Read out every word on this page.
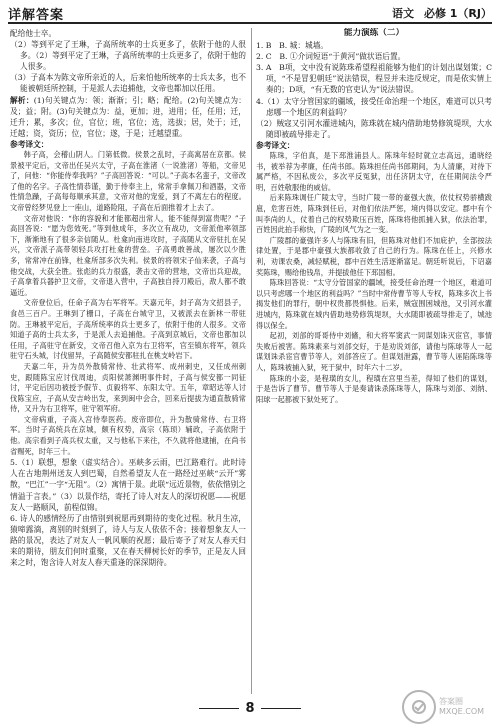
详解答案	语文 必修 1（RJ）

配给他士卒。

（2）等到平定了王琳，子高所统率的士兵更多了，依附于他的人很多。（2）等到平定了王琳，子高所统率的士兵更多了，依附于他的人很多。

（3）子高本为陈文帝所亲近的人，后来怕他所统率的士兵太多，也不能被朝廷所控制，于是派人去追捕他，文帝也都加以任用。

解析：(1)句关键点为：领；渐渐；引；略；配给。(2)句关键点为：及；益；附。(3)句关键点为：益，更加；进，进用；任，任用；迁，迁升；累，多次；位，官位；班，官位；选，选拔；居，处于；迁，迁越；资，资历；位，官位；遂，于是；迁越望重。

参考译文：

韩子高，会稽山阴人。门第低微。侯景之乱时，子高寓居在京都。侯景被平定后，文帝出任吴兴太守，子高在淮渚（一说淮渚）等船，文帝见了，问他：“你能侍奉我吗？”子高回答说：“可以。”子高本名蛮子，文帝改了他的名字。子高性情恭谨，勤于侍奉主上，常常手拿佩刀和酒器，文帝性情急躁，子高每每顺承其意，文帝对他的宠爱，到了不离左右的程度。文帝曾经梦见登上一座山，道路险阻，子高在后面推着才上去了。

文帝对他说：“你的容貌和才能都超出常人，能不能得到富贵呢？”子高回答说：“愿为您效死。”等到他成年，多次立有战功，文帝派他率领部下，渐渐地有了很多亲信随从。杜龛向南进攻时，子高随从文帝驻扎在吴兴，文帝派子高带领轻兵攻打杜龛的营垒。子高勇敢善战，屡次以少胜多，常常冲在前锋，杜龛所部多次失利。侯景的将领宋子仙来袭，子高与他交战，大获全胜。张彪的兵力很盛，袭击文帝的营地，文帝出兵迎战，子高拿着兵器护卫文帝，文帝退入营中，子高独自持刀殿后，敌人都不敢逼近。

文帝登位后，任命子高为右军将军。天嘉元年，封子高为文招县子，食邑三百户。王琳到了栅口，子高在台城守卫，又被派去在新林一带驻防。王琳被平定后，子高所统率的兵士更多了，依附于他的人很多。文帝知道子高的士兵太多，于是派人去追捕他。子高到京城后，文帝也都加以任用，子高驻守在新安，文帝召他入京为右卫将军，官至镇东将军，领兵驻守石头城，讨伐留异，子高随侯安都驻扎在桃支岭岩下。

天嘉二年，升为员外散骑常侍、壮武将军、成州刺史，又任成州刺史，跟随陈宝应讨伐周迪，贞阳侯萧渊明事件时，子高与侯安都一同征讨，平定后因功被授予假节、贞毅将军、东阳太守。五年，章昭达等人讨伐陈宝应，子高从安吉岭出发，来到闽中会合，回来后提拔为通直散骑常侍，又升为右卫将军，驻守领军府。

文帝病重，子高入宫侍奉医药。废帝即位，升为散骑常侍、右卫将军。当时子高统兵在京城，颇有权势，高宗（陈顼）辅政，子高依附于他。高宗看到子高兵权太重，又与他私下来往，不久就将他逮捕，在尚书省赐死，时年三十。

5.（1）联想，想象（虚实结合）。巫峡多云雨，巴江路难行。此时诗人在古地荆州送友人到巴蜀，自然希望友人在一路经过巫峡“云开”雾散，“巴江”一字“无阻”。（2）寓情于景。此联“远近景物，依依惜别之情溢于言表。”（3）以景作结，寄托了诗人对友人的深切祝愿——祝愿友人一路顺风，前程似锦。

6. 诗人的感情经历了由惜别到祝愿再到期待的变化过程。秋月生凉，猿啼露滴，离别的时刻到了，诗人与友人依依不舍；接着想象友人一路的景况，表达了对友人一帆风顺的祝愿；最后寄予了对友人春天归来的期待，朋友们何时重聚，又在春天柳树长好的季节，正是友人回来之时，饱含诗人对友人春天重逢的深深期待。

能力演练（二）

1. B　B. 城：城墙。

2. C　B. ①介词短语“于黄河”做状语后置。

3. A　B项，文中没有说陈珠希望程祖能够为他们的计划出谋划策；C项，“不是冒犯朝廷”说法错误，程昱并未违反规定，而是依实情上奏的；D项，“有无数的官吏认为”说法错误。

4.（1）太守分管国家的疆域，接受任命治理一个地区，难道可以只考虑哪一个地区的利益吗？

（2）贼寇又引河水灌进城内，陈珠就在城内借助地势修筑堤坝，大水随即被疏导排走了。

参考译文：

陈珠，字伯真，是下邳淮浦县人。陈珠年轻时就立志高远，通晓经书，被举荐为孝廉，任尚书郎。陈珠担任尚书郎期间，为人清廉，对待下属严格，不因私废公，多次平反冤狱，出任济阴太守，在任期间法令严明，百姓敬服他的威信。

后来陈珠调任广陵太守，当时广陵一带的豪强大族，依仗权势骄横跋扈，危害百姓，陈珠到任后，对他们依法严惩，境内得以安定。郡中有个叫李尚的人，仗着自己的权势欺压百姓，陈珠将他抓捕入狱，依法治罪，百姓因此拍手称快，广陵的风气为之一变。

广陵郡的豪强许多人与陈珠有旧，但陈珠对他们不加庇护，全部按法律处置，于是郡中豪强大族都收敛了自己的行为。陈珠在任上，兴修水利，劝课农桑，减轻赋税，郡中百姓生活逐渐富足。朝廷听说后，下诏嘉奖陈珠，赐给他钱帛，并提拔他任下邳国相。

陈珠回答说：“太守分管国家的疆域，接受任命治理一个地区，难道可以只考虑哪一个地区的利益吗？”当时中常侍曹节等人专权，陈珠多次上书揭发他们的罪行，朝中权贵都畏惧他。后来，贼寇围困城池，又引河水灌进城内，陈珠就在城内借助地势修筑堤坝，大水随即被疏导排走了，城池得以保全。

起初，刘郃的哥哥侍中刘鯈，和大将军窦武一同谋划诛灭宦官，事情失败后被害。陈珠素来与刘郃交好，于是劝说刘郃，请他与陈球等人一起谋划诛杀宦官曹节等人，刘郃答应了。但谋划泄露，曹节等人诬陷陈珠等人，陈珠被捕入狱，死于狱中，时年六十二岁。

陈珠的小妾，是程璜的女儿，程璜在宫里当差，得知了他们的谋划，于是告诉了曹节。曹节等人于是奏请诛杀陈珠等人，陈珠与刘郃、刘纳、阳球一起都被下狱处死了。

8	答案圈
MXQE.COM
